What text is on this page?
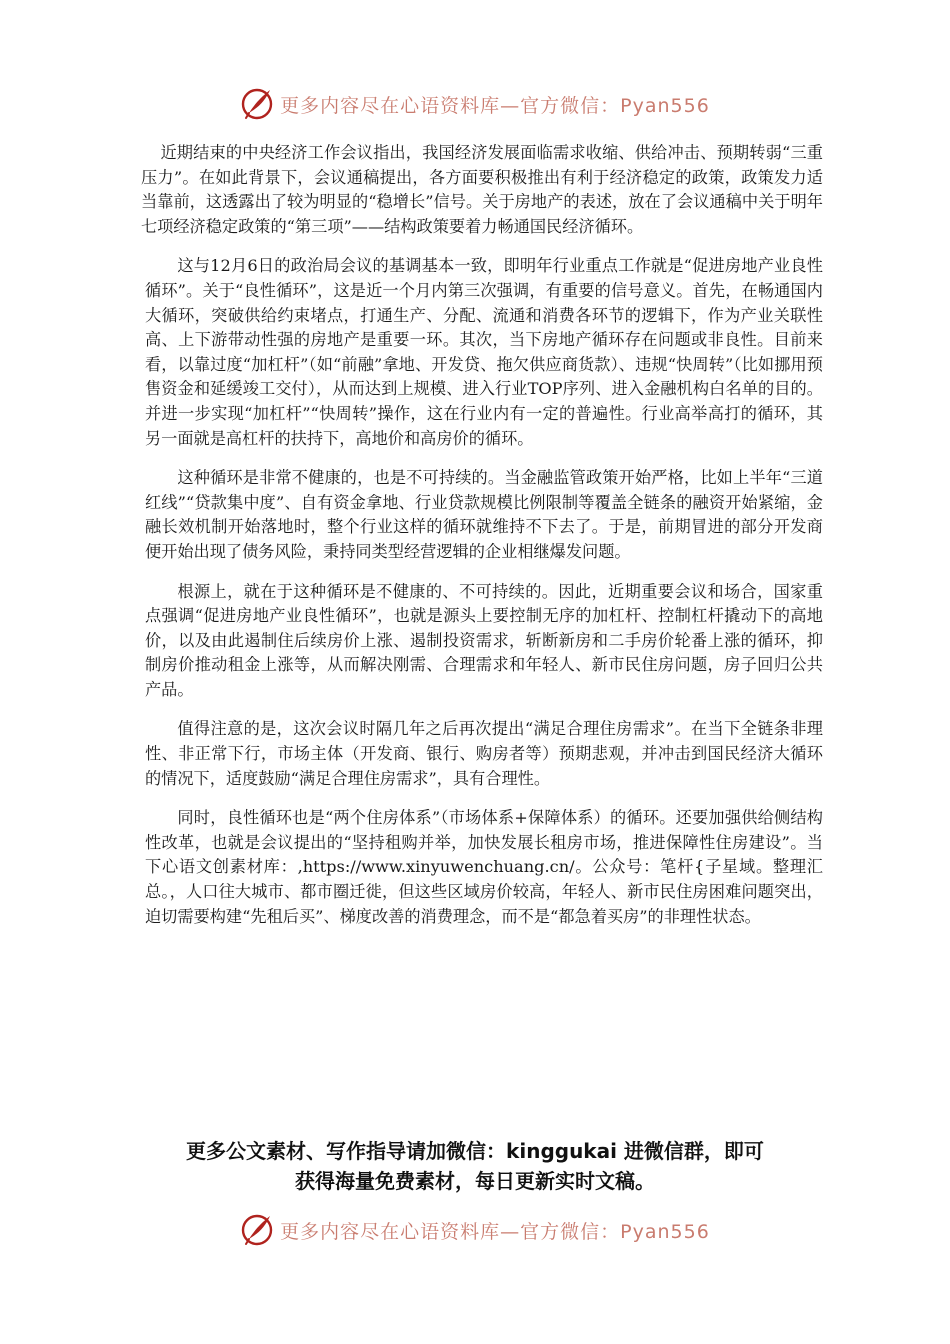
更多内容尽在心语资料库—官方微信：Pyan556

近期结束的中央经济工作会议指出，我国经济发展面临需求收缩、供给冲击、预期转弱“三重压力”。在如此背景下，会议通稿提出，各方面要积极推出有利于经济稳定的政策，政策发力适当靠前，这透露出了较为明显的“稳增长”信号。关于房地产的表述，放在了会议通稿中关于明年七项经济稳定政策的“第三项”——结构政策要着力畅通国民经济循环。

这与12月6日的政治局会议的基调基本一致，即明年行业重点工作就是“促进房地产业良性循环”。关于“良性循环”，这是近一个月内第三次强调，有重要的信号意义。首先，在畅通国内大循环，突破供给约束堵点，打通生产、分配、流通和消费各环节的逻辑下，作为产业关联性高、上下游带动性强的房地产是重要一环。其次，当下房地产循环存在问题或非良性。目前来看，以靠过度“加杠杆”（如“前融”拿地、开发贷、拖欠供应商货款）、违规“快周转”（比如挪用预售资金和延缓竣工交付），从而达到上规模、进入行业TOP序列、进入金融机构白名单的目的。并进一步实现“加杠杆”“快周转”操作，这在行业内有一定的普遍性。行业高举高打的循环，其另一面就是高杠杆的扶持下，高地价和高房价的循环。

这种循环是非常不健康的，也是不可持续的。当金融监管政策开始严格，比如上半年“三道红线”“贷款集中度”、自有资金拿地、行业贷款规模比例限制等覆盖全链条的融资开始紧缩，金融长效机制开始落地时，整个行业这样的循环就维持不下去了。于是，前期冒进的部分开发商便开始出现了债务风险，秉持同类型经营逻辑的企业相继爆发问题。

根源上，就在于这种循环是不健康的、不可持续的。因此，近期重要会议和场合，国家重点强调“促进房地产业良性循环”，也就是源头上要控制无序的加杠杆、控制杠杆撬动下的高地价，以及由此遏制住后续房价上涨、遏制投资需求，斩断新房和二手房价轮番上涨的循环，抑制房价推动租金上涨等，从而解决刚需、合理需求和年轻人、新市民住房问题，房子回归公共产品。

值得注意的是，这次会议时隔几年之后再次提出“满足合理住房需求”。在当下全链条非理性、非正常下行，市场主体（开发商、银行、购房者等）预期悲观，并冲击到国民经济大循环的情况下，适度鼓励“满足合理住房需求”，具有合理性。

同时，良性循环也是“两个住房体系”（市场体系+保障体系）的循环。还要加强供给侧结构性改革，也就是会议提出的“坚持租购并举，加快发展长租房市场，推进保障性住房建设”。当下心语文创素材库：,https://www.xinyuwenchuang.cn/。公众号：笔杆{子星域。整理汇总。，人口往大城市、都市圈迁徙，但这些区域房价较高，年轻人、新市民住房困难问题突出，迫切需要构建“先租后买”、梯度改善的消费理念，而不是“都急着买房”的非理性状态。

更多公文素材、写作指导请加微信：kinggukai 进微信群，即可
获得海量免费素材，每日更新实时文稿。
更多内容尽在心语资料库—官方微信：Pyan556
